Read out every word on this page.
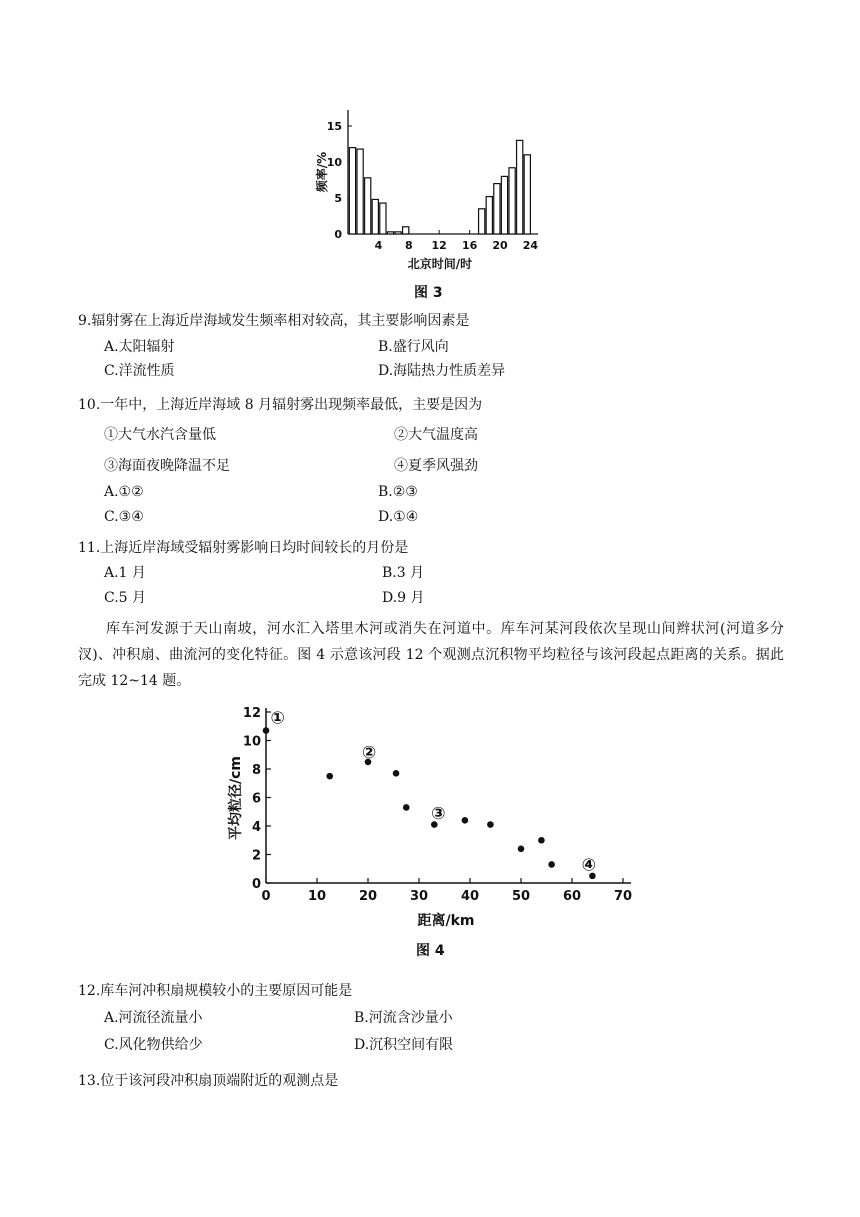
0
5
10
15
4 8 12 16 20 24
北京时间/时
频率/%
图 3
9.辐射雾在上海近岸海域发生频率相对较高，其主要影响因素是
A.太阳辐射	B.盛行风向
C.洋流性质	D.海陆热力性质差异
10.一年中，上海近岸海域 8 月辐射雾出现频率最低，主要是因为
①大气水汽含量低	②大气温度高
③海面夜晚降温不足	④夏季风强劲
A.①②	B.②③
C.③④	D.①④
11.上海近岸海域受辐射雾影响日均时间较长的月份是
A.1 月	B.3 月
C.5 月	D.9 月
库车河发源于天山南坡，河水汇入塔里木河或消失在河道中。库车河某河段依次呈现山间辫状河(河道多分汊)、冲积扇、曲流河的变化特征。图 4 示意该河段 12 个观测点沉积物平均粒径与该河段起点距离的关系。据此完成 12~14 题。
0
2
4
6
8
10
12
0	10	20	30	40	50	60	70
①
②
③
④
距离/km
平均粒径/cm
图 4
12.库车河冲积扇规模较小的主要原因可能是
A.河流径流量小	B.河流含沙量小
C.风化物供给少	D.沉积空间有限
13.位于该河段冲积扇顶端附近的观测点是
